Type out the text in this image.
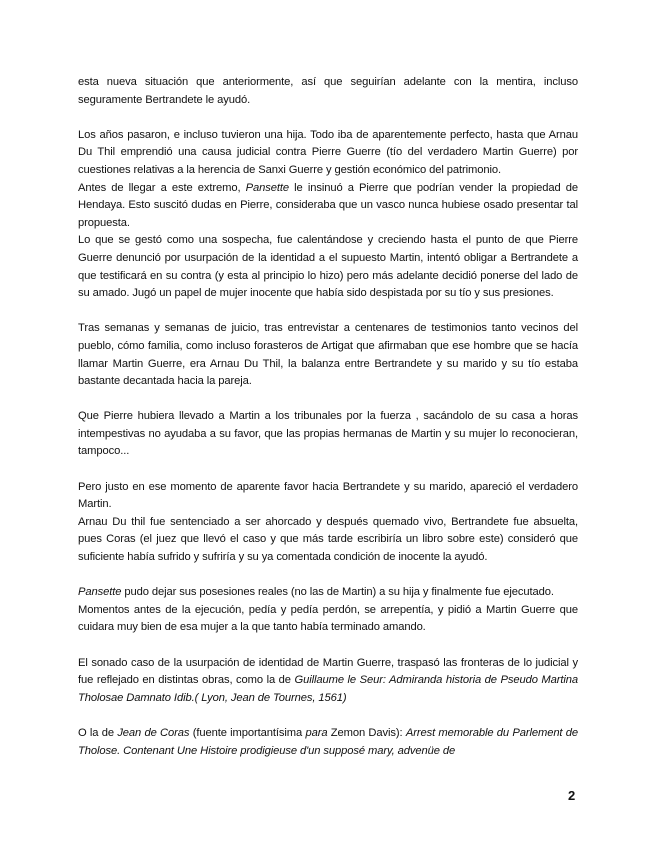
esta nueva situación que anteriormente, así que seguirían adelante con la mentira, incluso seguramente Bertrandete le ayudó.

Los años pasaron, e incluso tuvieron una hija. Todo iba de aparentemente perfecto, hasta que Arnau Du Thil emprendió una causa judicial contra Pierre Guerre (tío del verdadero Martin Guerre) por cuestiones relativas a la herencia de Sanxi Guerre y gestión económico del patrimonio.

Antes de llegar a este extremo, Pansette le insinuó a Pierre que podrían vender la propiedad de Hendaya. Esto suscitó dudas en Pierre, consideraba que un vasco nunca hubiese osado presentar tal propuesta.

Lo que se gestó como una sospecha, fue calentándose y creciendo hasta el punto de que Pierre Guerre denunció por usurpación de la identidad a el supuesto Martin, intentó obligar a Bertrandete a que testificará en su contra (y esta al principio lo hizo) pero más adelante decidió ponerse del lado de su amado. Jugó un papel de mujer inocente que había sido despistada por su tío y sus presiones.

Tras semanas y semanas de juicio, tras entrevistar a centenares de testimonios tanto vecinos del pueblo, cómo familia, como incluso forasteros de Artigat que afirmaban que ese hombre que se hacía llamar Martin Guerre, era Arnau Du Thil, la balanza entre Bertrandete y su marido y su tío estaba bastante decantada hacia la pareja.

Que Pierre hubiera llevado a Martin a los tribunales por la fuerza , sacándolo de su casa a horas intempestivas no ayudaba a su favor, que las propias hermanas de Martin y su mujer lo reconocieran, tampoco...

Pero justo en ese momento de aparente favor hacia Bertrandete y su marido, apareció el verdadero Martin.

Arnau Du thil fue sentenciado a ser ahorcado y después quemado vivo, Bertrandete fue absuelta, pues Coras (el juez que llevó el caso y que más tarde escribiría un libro sobre este) consideró que suficiente había sufrido y sufriría y su ya comentada condición de inocente la ayudó.

Pansette pudo dejar sus posesiones reales (no las de Martin) a su hija y finalmente fue ejecutado.

Momentos antes de la ejecución, pedía y pedía perdón, se arrepentía, y pidió a Martin Guerre que cuidara muy bien de esa mujer a la que tanto había terminado amando.

El sonado caso de la usurpación de identidad de Martin Guerre, traspasó las fronteras de lo judicial y fue reflejado en distintas obras, como la de Guillaume le Seur: Admiranda historia de Pseudo Martina Tholosae Damnato Idib.( Lyon, Jean de Tournes, 1561)

O la de Jean de Coras (fuente importantísima para Zemon Davis): Arrest memorable du Parlement de Tholose. Contenant Une Histoire prodigieuse d'un supposé mary, advenüe de

2
